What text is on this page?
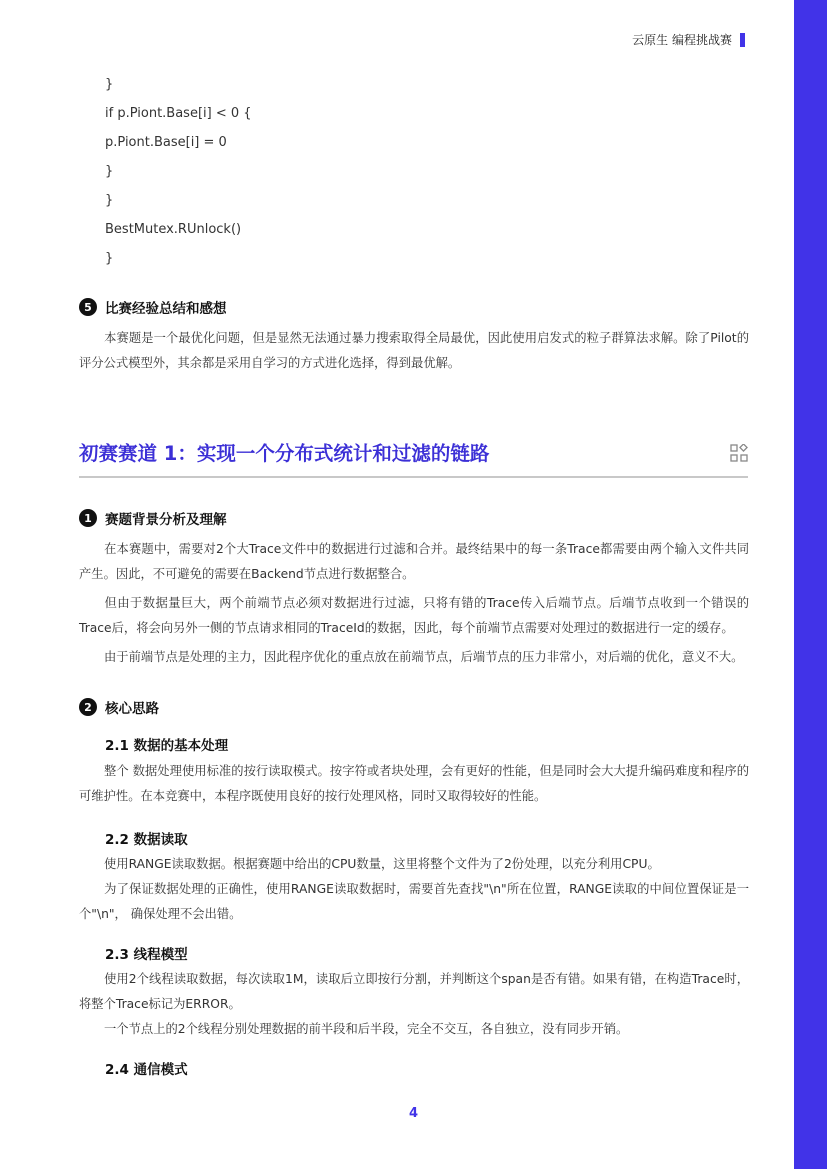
云原生 编程挑战赛
}
if p.Piont.Base[i] < 0 {
p.Piont.Base[i] = 0
}
}
BestMutex.RUnlock()
}
5 比赛经验总结和感想
本赛题是一个最优化问题，但是显然无法通过暴力搜索取得全局最优，因此使用启发式的粒子群算法求解。除了Pilot的评分公式模型外，其余都是采用自学习的方式进化选择，得到最优解。
初赛赛道 1：实现一个分布式统计和过滤的链路
1 赛题背景分析及理解
在本赛题中，需要对2个大Trace文件中的数据进行过滤和合并。最终结果中的每一条Trace都需要由两个输入文件共同产生。因此，不可避免的需要在Backend节点进行数据整合。
但由于数据量巨大，两个前端节点必须对数据进行过滤，只将有错的Trace传入后端节点。后端节点收到一个错误的Trace后，将会向另外一侧的节点请求相同的TraceId的数据，因此，每个前端节点需要对处理过的数据进行一定的缓存。
由于前端节点是处理的主力，因此程序优化的重点放在前端节点，后端节点的压力非常小，对后端的优化，意义不大。
2 核心思路
2.1 数据的基本处理
整个 数据处理使用标准的按行读取模式。按字符或者块处理，会有更好的性能，但是同时会大大提升编码难度和程序的可维护性。在本竞赛中，本程序既使用良好的按行处理风格，同时又取得较好的性能。
2.2 数据读取
使用RANGE读取数据。根据赛题中给出的CPU数量，这里将整个文件为了2份处理，以充分利用CPU。
为了保证数据处理的正确性，使用RANGE读取数据时，需要首先查找"\n"所在位置，RANGE读取的中间位置保证是一个"\n"， 确保处理不会出错。
2.3 线程模型
使用2个线程读取数据，每次读取1M，读取后立即按行分割，并判断这个span是否有错。如果有错，在构造Trace时，将整个Trace标记为ERROR。
一个节点上的2个线程分别处理数据的前半段和后半段，完全不交互，各自独立，没有同步开销。
2.4 通信模式
4
